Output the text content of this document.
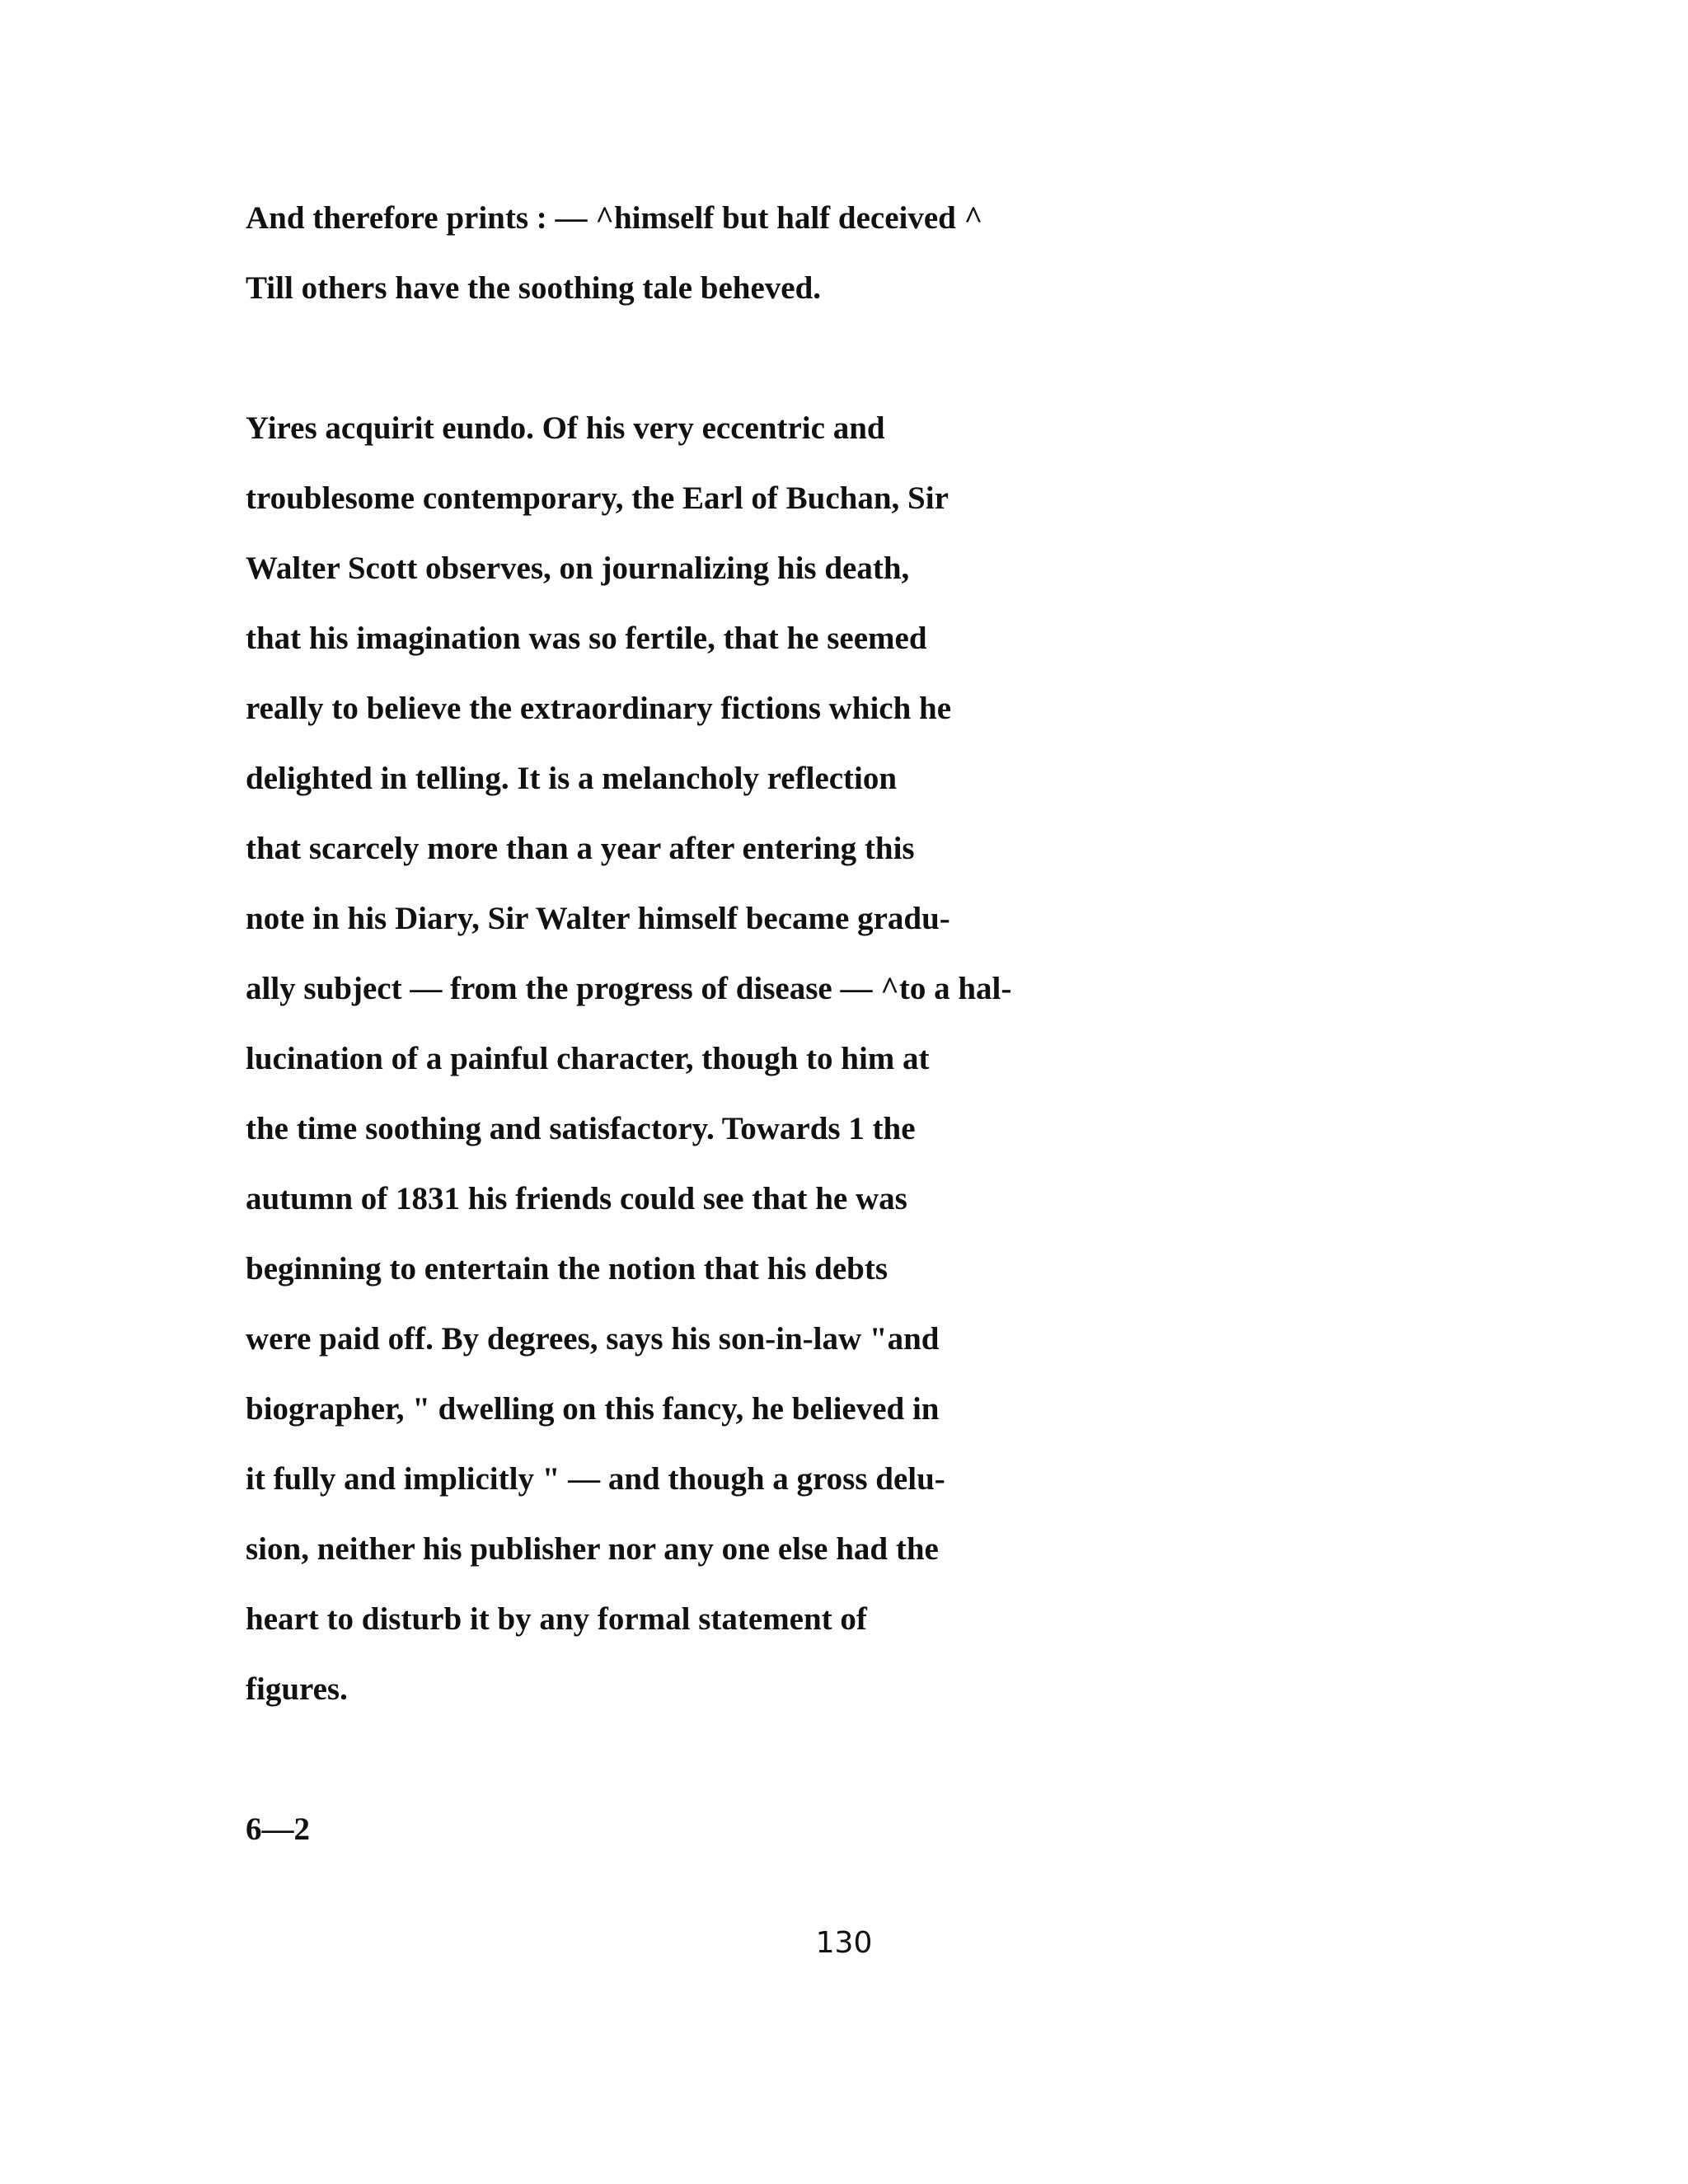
And therefore prints : — ^himself but half deceived ^
Till others have the soothing tale beheved.
Yires acquirit eundo. Of his very eccentric and
troublesome contemporary, the Earl of Buchan, Sir
Walter Scott observes, on journalizing his death,
that his imagination was so fertile, that he seemed
really to believe the extraordinary fictions which he
delighted in telling. It is a melancholy reflection
that scarcely more than a year after entering this
note in his Diary, Sir Walter himself became gradu-
ally subject — from the progress of disease — ^to a hal-
lucination of a painful character, though to him at
the time soothing and satisfactory. Towards 1 the
autumn of 1831 his friends could see that he was
beginning to entertain the notion that his debts
were paid off. By degrees, says his son-in-law "and
biographer, " dwelling on this fancy, he believed in
it fully and implicitly " — and though a gross delu-
sion, neither his publisher nor any one else had the
heart to disturb it by any formal statement of
figures.
6—2
130
